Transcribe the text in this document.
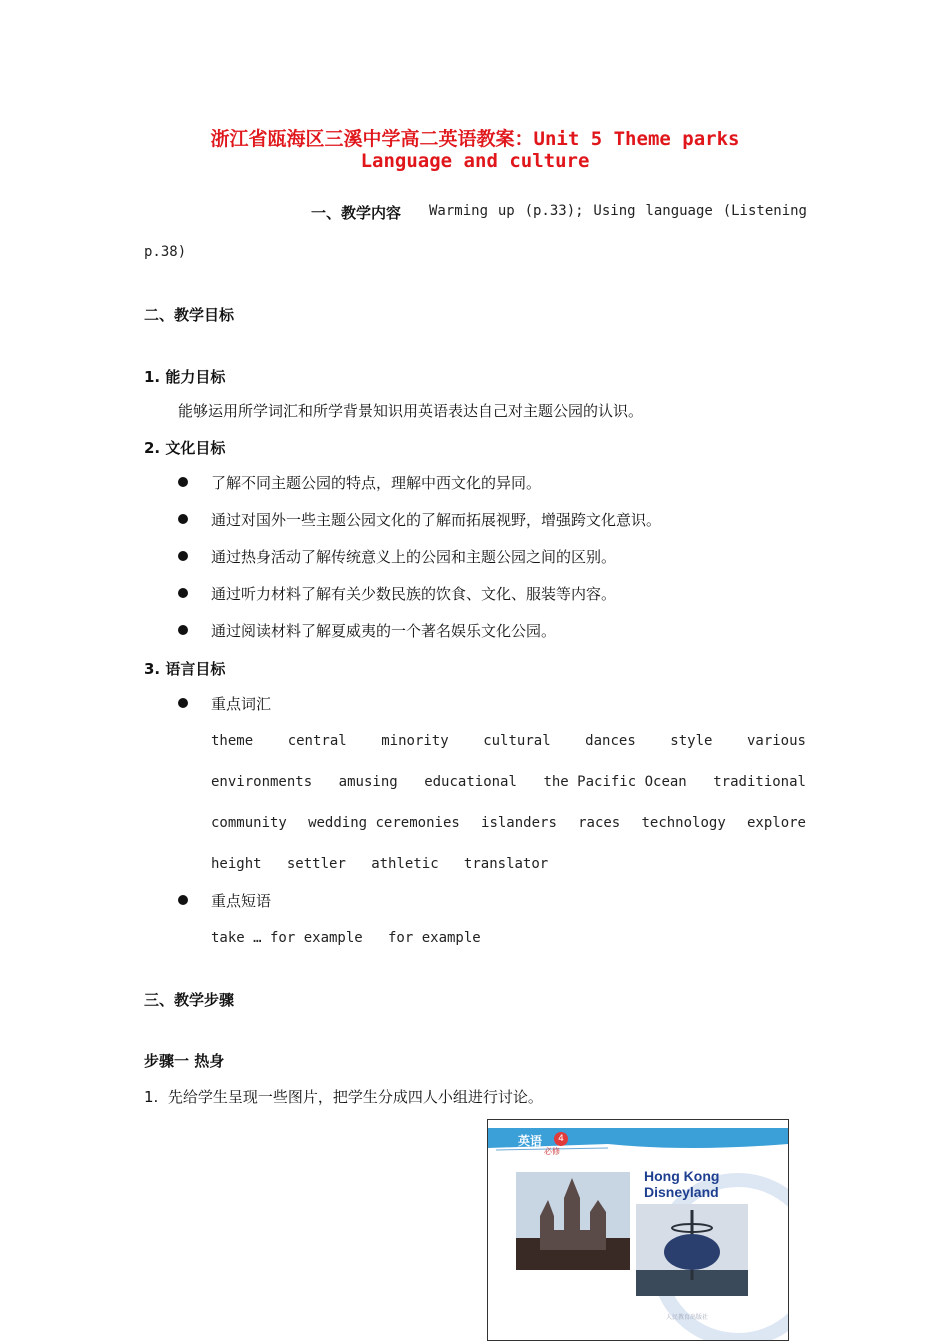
浙江省瓯海区三溪中学高二英语教案：Unit 5 Theme parks
Language and culture
一、教学内容 Warming up (p.33); Using language (Listening
p.38)
二、教学目标
1. 能力目标
能够运用所学词汇和所学背景知识用英语表达自己对主题公园的认识。
2. 文化目标
了解不同主题公园的特点，理解中西文化的异同。
通过对国外一些主题公园文化的了解而拓展视野，增强跨文化意识。
通过热身活动了解传统意义上的公园和主题公园之间的区别。
通过听力材料了解有关少数民族的饮食、文化、服装等内容。
通过阅读材料了解夏威夷的一个著名娱乐文化公园。
3. 语言目标
重点词汇
theme central minority cultural dances style various
environments amusing educational the Pacific Ocean traditional
community wedding ceremonies islanders races technology explore
height settler athletic translator
重点短语
take … for example   for example
三、教学步骤
步骤一 热身
1.  先给学生呈现一些图片，把学生分成四人小组进行讨论。
英语	4
必修
Hong Kong
Disneyland
人民教育出版社
